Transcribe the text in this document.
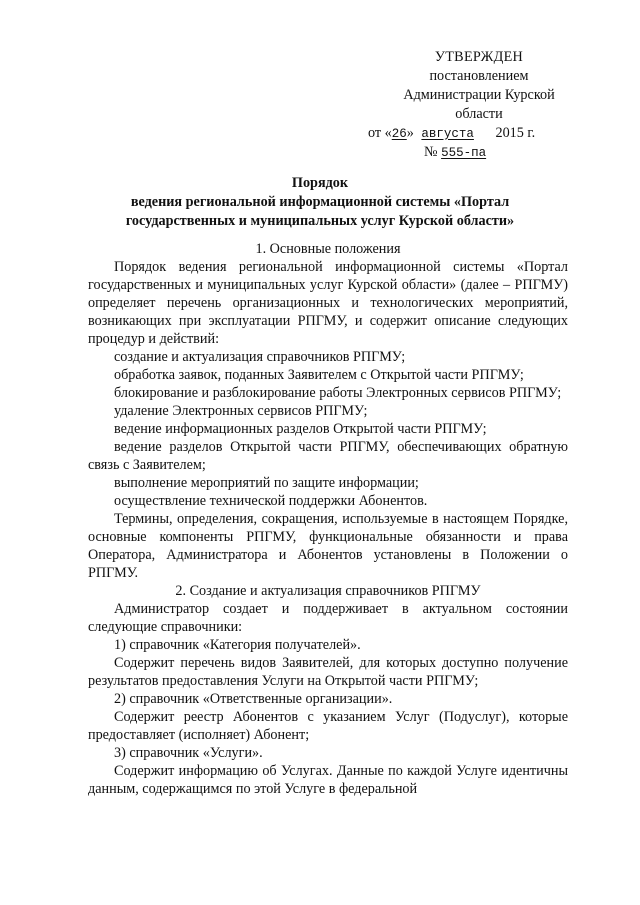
УТВЕРЖДЕН
постановлением
Администрации Курской
области
от «26» августа 2015 г.
№ 555-па
Порядок
ведения региональной информационной системы «Портал
государственных и муниципальных услуг Курской области»
1. Основные положения

Порядок ведения региональной информационной системы «Портал государственных и муниципальных услуг Курской области» (далее – РПГМУ) определяет перечень организационных и технологических мероприятий, возникающих при эксплуатации РПГМУ, и содержит описание следующих процедур и действий:

создание и актуализация справочников РПГМУ;

обработка заявок, поданных Заявителем с Открытой части РПГМУ;

блокирование и разблокирование работы Электронных сервисов РПГМУ;

удаление Электронных сервисов РПГМУ;

ведение информационных разделов Открытой части РПГМУ;

ведение разделов Открытой части РПГМУ, обеспечивающих обратную связь с Заявителем;

выполнение мероприятий по защите информации;

осуществление технической поддержки Абонентов.

Термины, определения, сокращения, используемые в настоящем Порядке, основные компоненты РПГМУ, функциональные обязанности и права Оператора, Администратора и Абонентов установлены в Положении о РПГМУ.

2. Создание и актуализация справочников РПГМУ

Администратор создает и поддерживает в актуальном состоянии следующие справочники:

1) справочник «Категория получателей».

Содержит перечень видов Заявителей, для которых доступно получение результатов предоставления Услуги на Открытой части РПГМУ;

2) справочник «Ответственные организации».

Содержит реестр Абонентов с указанием Услуг (Подуслуг), которые предоставляет (исполняет) Абонент;

3) справочник «Услуги».

Содержит информацию об Услугах. Данные по каждой Услуге идентичны данным, содержащимся по этой Услуге в федеральной
